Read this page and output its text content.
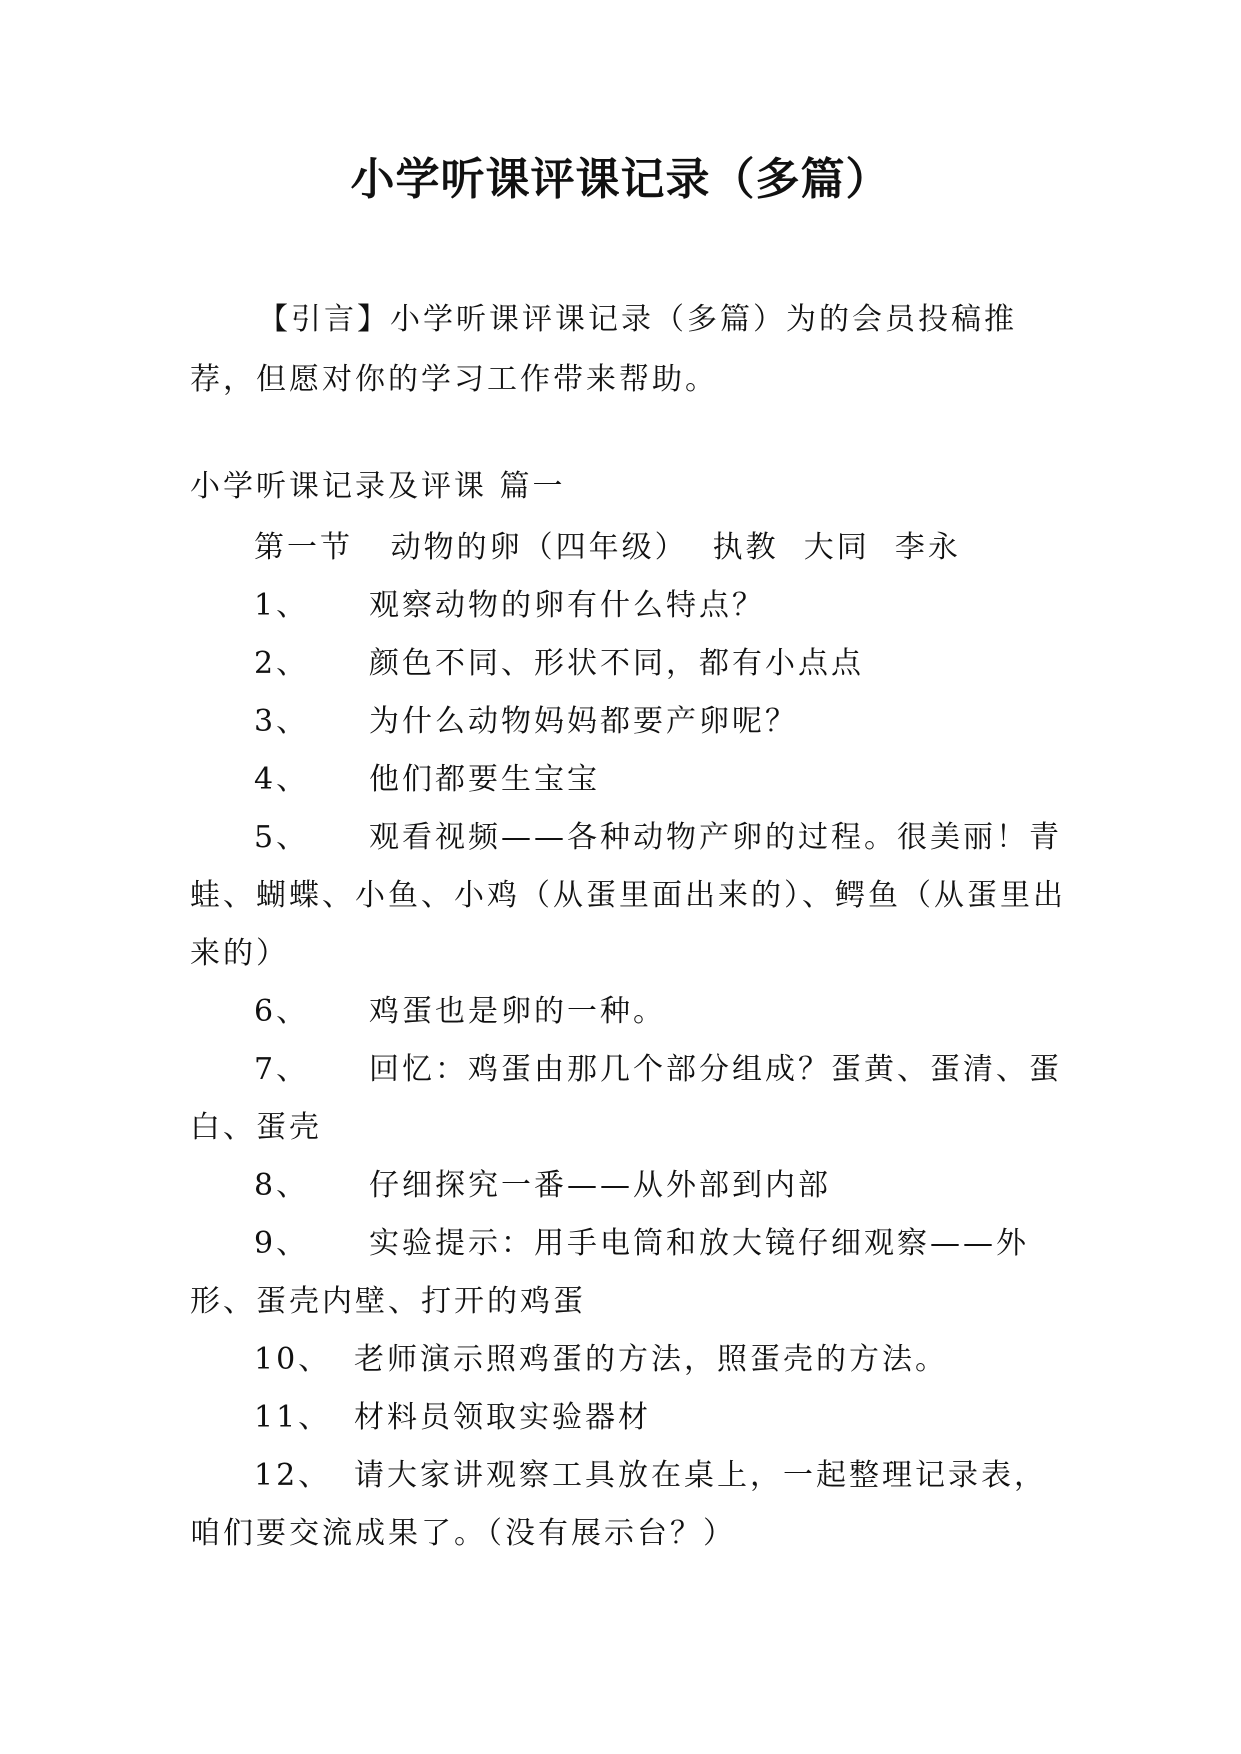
小学听课评课记录（多篇）
【引言】小学听课评课记录（多篇）为的会员投稿推荐，但愿对你的学习工作带来帮助。
小学听课记录及评课 篇一
第一节   动物的卵（四年级）  执教  大同  李永
1、 观察动物的卵有什么特点？
2、 颜色不同、形状不同，都有小点点
3、 为什么动物妈妈都要产卵呢？
4、 他们都要生宝宝
5、 观看视频——各种动物产卵的过程。很美丽！青蛙、蝴蝶、小鱼、小鸡（从蛋里面出来的）、鳄鱼（从蛋里出来的）
6、 鸡蛋也是卵的一种。
7、 回忆：鸡蛋由那几个部分组成？蛋黄、蛋清、蛋白、蛋壳
8、 仔细探究一番——从外部到内部
9、 实验提示：用手电筒和放大镜仔细观察——外形、蛋壳内壁、打开的鸡蛋
10、 老师演示照鸡蛋的方法，照蛋壳的方法。
11、 材料员领取实验器材
12、 请大家讲观察工具放在桌上，一起整理记录表，咱们要交流成果了。（没有展示台？）
